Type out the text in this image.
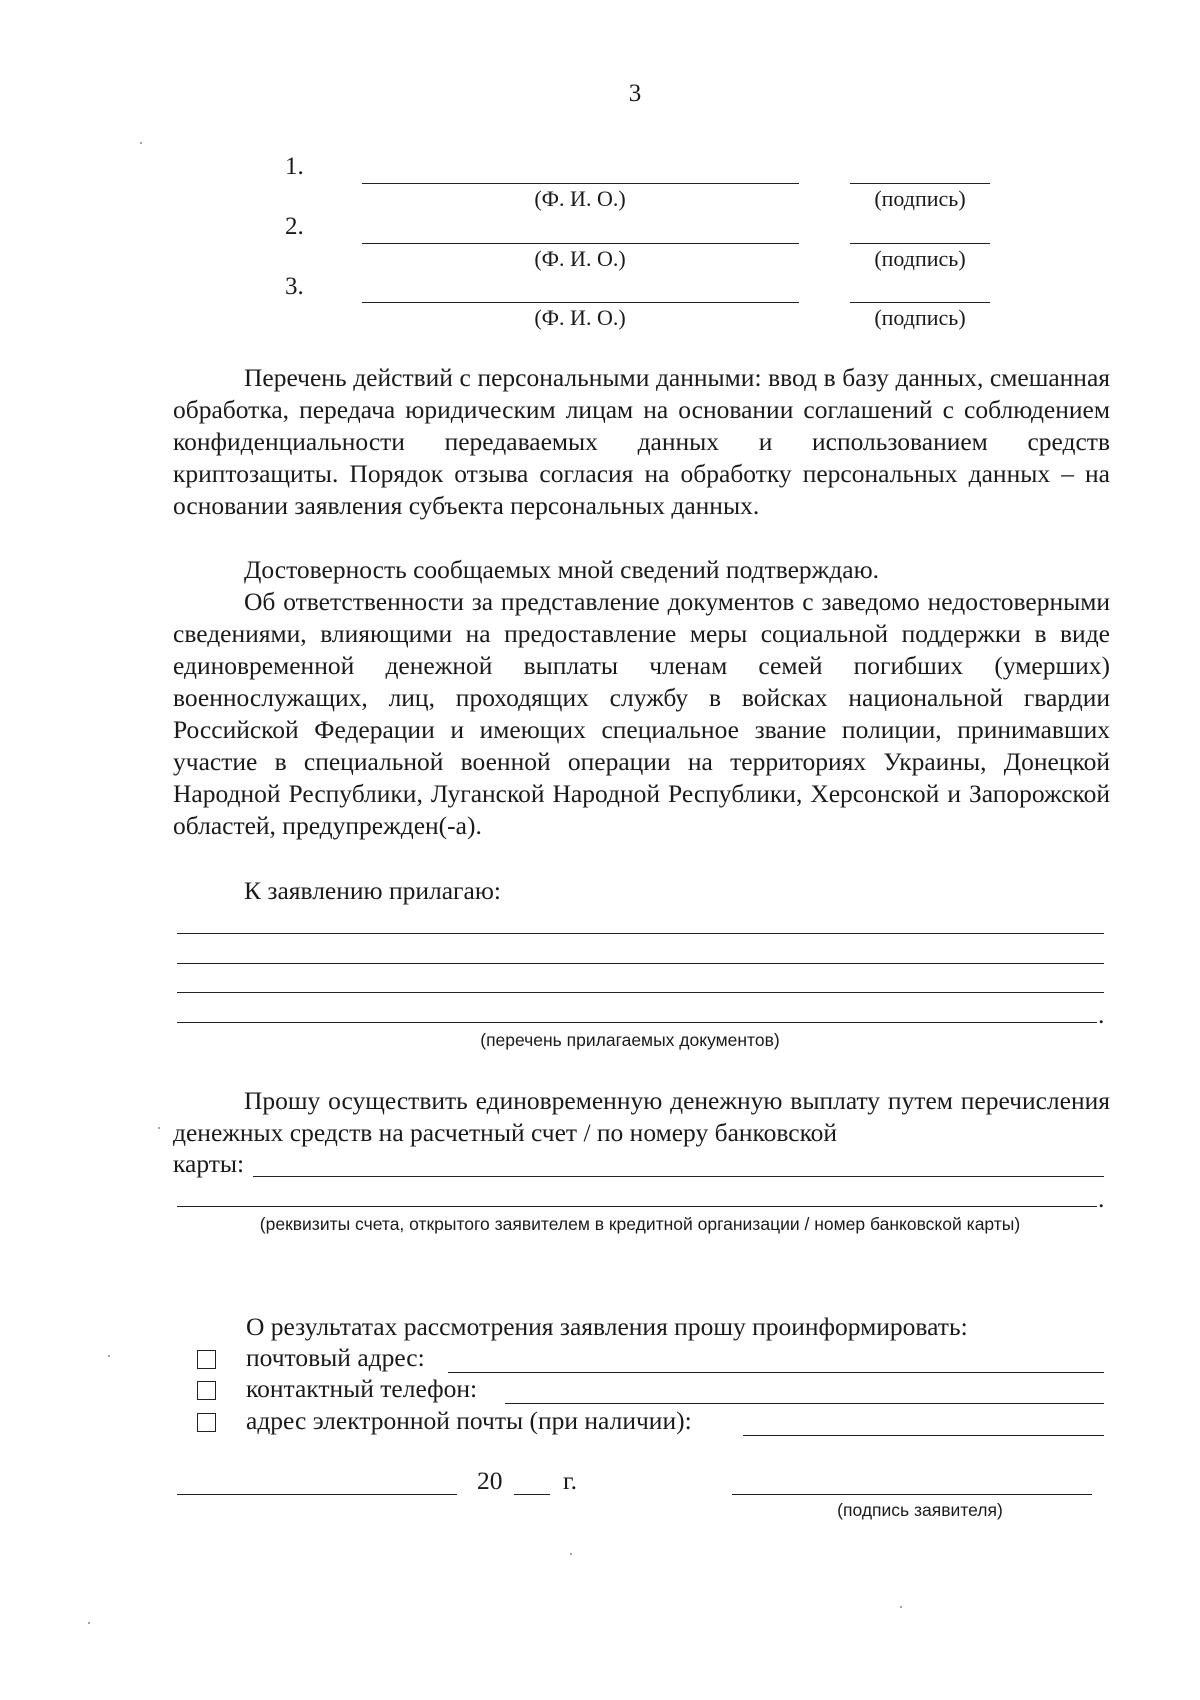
3
1.
(Ф. И. О.)	(подпись)
2.
(Ф. И. О.)	(подпись)
3.
(Ф. И. О.)	(подпись)
Перечень действий с персональными данными: ввод в базу данных, смешанная обработка, передача юридическим лицам на основании соглашений с соблюдением конфиденциальности передаваемых данных и использованием средств криптозащиты. Порядок отзыва согласия на обработку персональных данных – на основании заявления субъекта персональных данных.
Достоверность сообщаемых мной сведений подтверждаю.
Об ответственности за представление документов с заведомо недостоверными сведениями, влияющими на предоставление меры социальной поддержки в виде единовременной денежной выплаты членам семей погибших (умерших) военнослужащих, лиц, проходящих службу в войсках национальной гвардии Российской Федерации и имеющих специальное звание полиции, принимавших участие в специальной военной операции на территориях Украины, Донецкой Народной Республики, Луганской Народной Республики, Херсонской и Запорожской областей, предупрежден(-а).
К заявлению прилагаю:
.
(перечень прилагаемых документов)
Прошу осуществить единовременную денежную выплату путем перечисления денежных средств на расчетный счет / по номеру банковской
карты:
.
(реквизиты счета, открытого заявителем в кредитной организации / номер банковской карты)
О результатах рассмотрения заявления прошу проинформировать:
почтовый адрес:
контактный телефон:
адрес электронной почты (при наличии):
20 г.
(подпись заявителя)
